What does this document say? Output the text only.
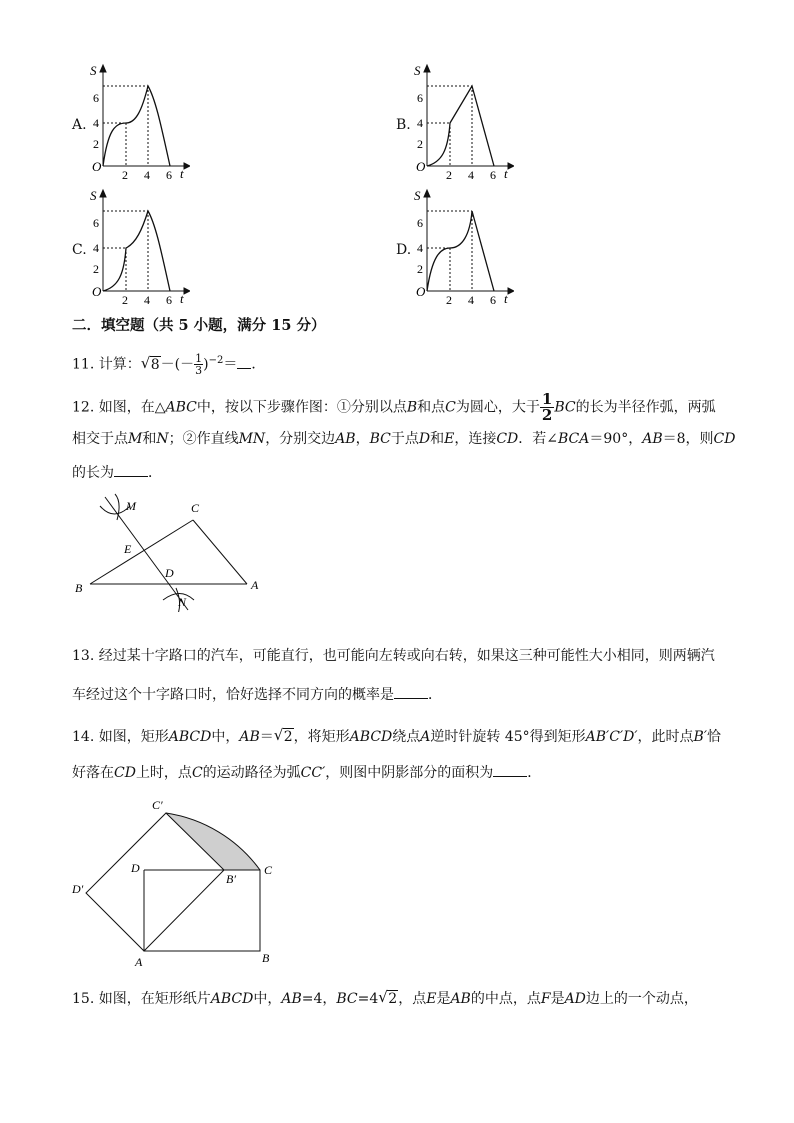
S
O	t
2
4
6
2 4 6
A.
S
O	t
2
4
6
2 4 6
B.
S
O	t
2
4
6
2 4 6
C.
S
O	t
2
4
6
2 4 6
D.
二．填空题（共 5 小题，满分 15 分）
11. 计算： √ $8-(- \frac{1}{3} )^{-2}=$ ．
12. 如图，在△ABC中，按以下步骤作图：①分别以点B和点C为圆心，大于 $\frac{1}{2}$ BC的长为半径作弧，两弧
相交于点M和N；②作直线MN，分别交边AB，BC于点D和E，连接CD．若∠BCA＝90°，AB＝8，则CD
的长为 ．
M	C
E
D
B	A
N
13. 经过某十字路口的汽车，可能直行，也可能向左转或向右转，如果这三种可能性大小相同，则两辆汽
车经过这个十字路口时，恰好选择不同方向的概率是 ．
14. 如图，矩形ABCD中，AB＝ √ 2，将矩形ABCD绕点A逆时针旋转 45°得到矩形AB′C′D′，此时点B′恰
好落在CD上时，点C的运动路径为弧CC′，则图中阴影部分的面积为 ．
C′
D
B′
C
D′
A	B
15. 如图，在矩形纸片ABCD中，AB=4，BC=4 √ 2，点E是AB的中点，点F是AD边上的一个动点，
